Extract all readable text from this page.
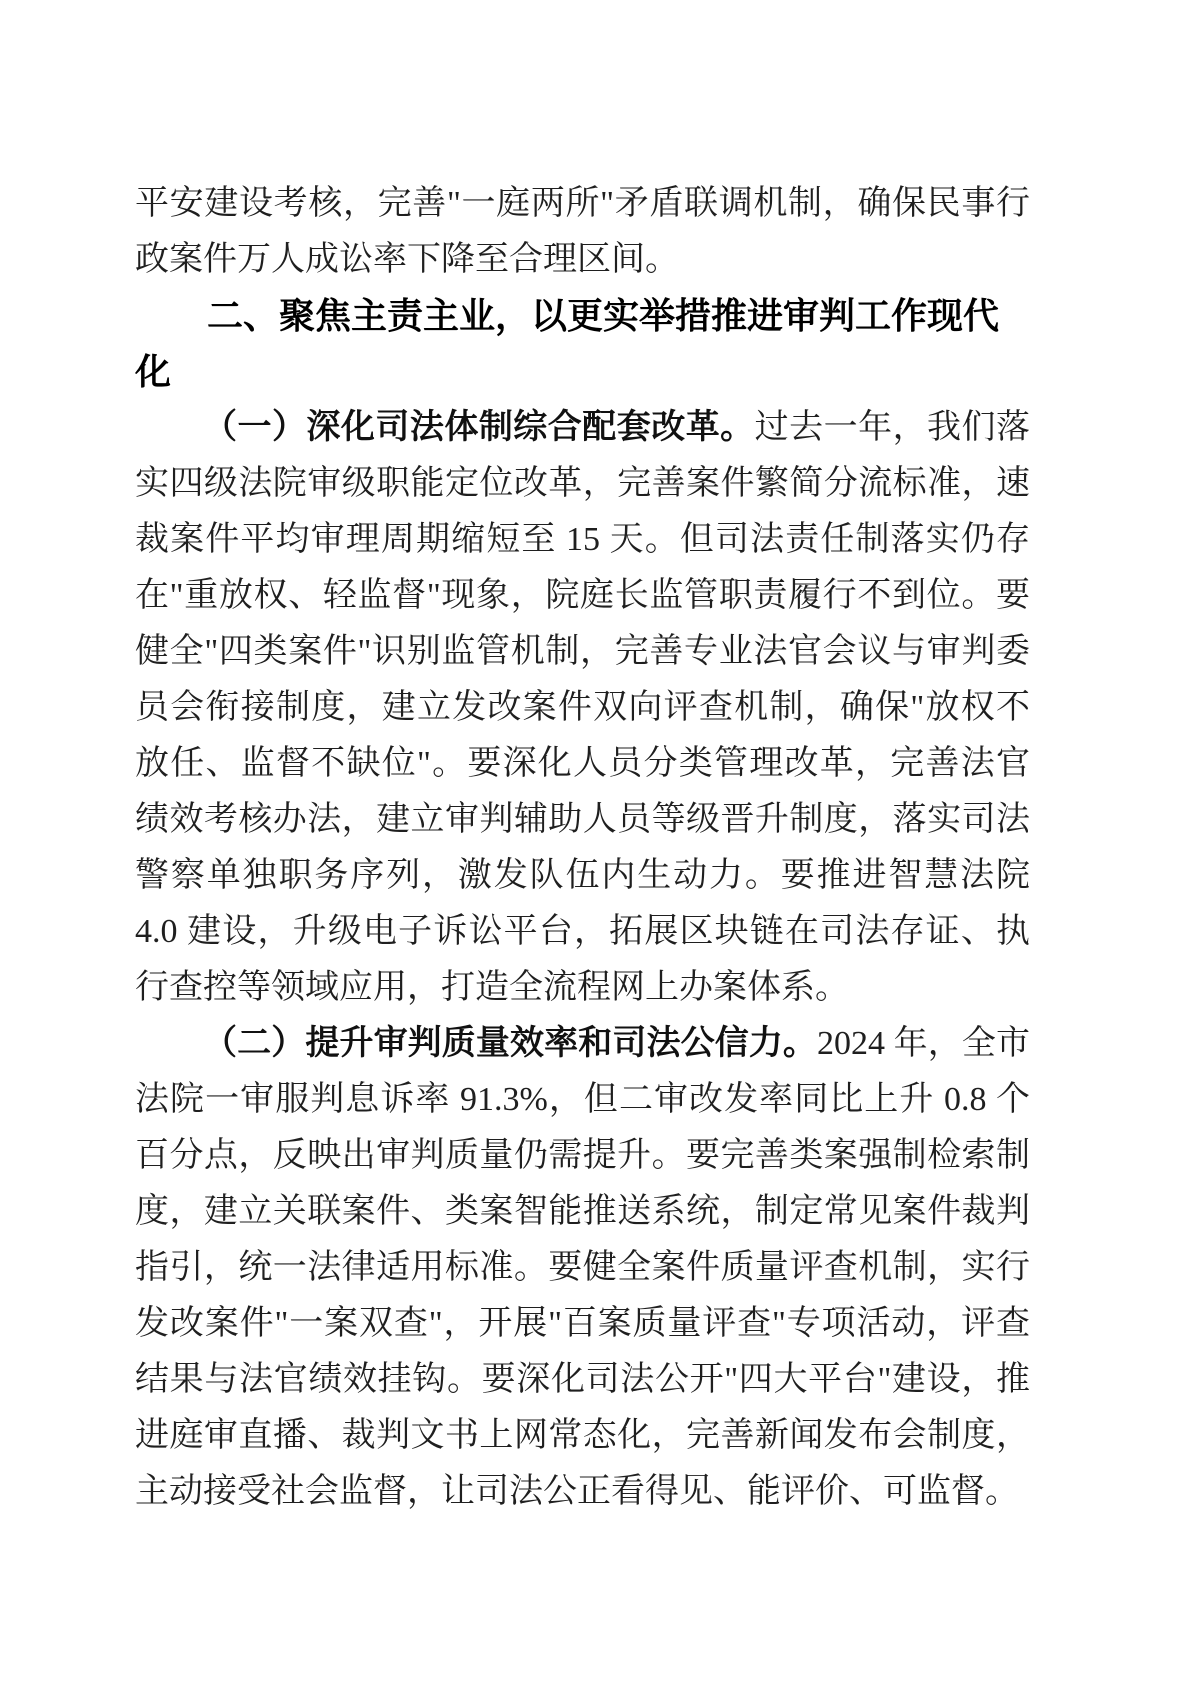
平安建设考核，完善"一庭两所"矛盾联调机制，确保民事行政案件万人成讼率下降至合理区间。

二、聚焦主责主业，以更实举措推进审判工作现代化

（一）深化司法体制综合配套改革。过去一年，我们落实四级法院审级职能定位改革，完善案件繁简分流标准，速裁案件平均审理周期缩短至 15 天。但司法责任制落实仍存在"重放权、轻监督"现象，院庭长监管职责履行不到位。要健全"四类案件"识别监管机制，完善专业法官会议与审判委员会衔接制度，建立发改案件双向评查机制，确保"放权不放任、监督不缺位"。要深化人员分类管理改革，完善法官绩效考核办法，建立审判辅助人员等级晋升制度，落实司法警察单独职务序列，激发队伍内生动力。要推进智慧法院 4.0 建设，升级电子诉讼平台，拓展区块链在司法存证、执行查控等领域应用，打造全流程网上办案体系。

（二）提升审判质量效率和司法公信力。2024 年，全市法院一审服判息诉率 91.3%，但二审改发率同比上升 0.8 个百分点，反映出审判质量仍需提升。要完善类案强制检索制度，建立关联案件、类案智能推送系统，制定常见案件裁判指引，统一法律适用标准。要健全案件质量评查机制，实行发改案件"一案双查"，开展"百案质量评查"专项活动，评查结果与法官绩效挂钩。要深化司法公开"四大平台"建设，推进庭审直播、裁判文书上网常态化，完善新闻发布会制度，主动接受社会监督，让司法公正看得见、能评价、可监督。
